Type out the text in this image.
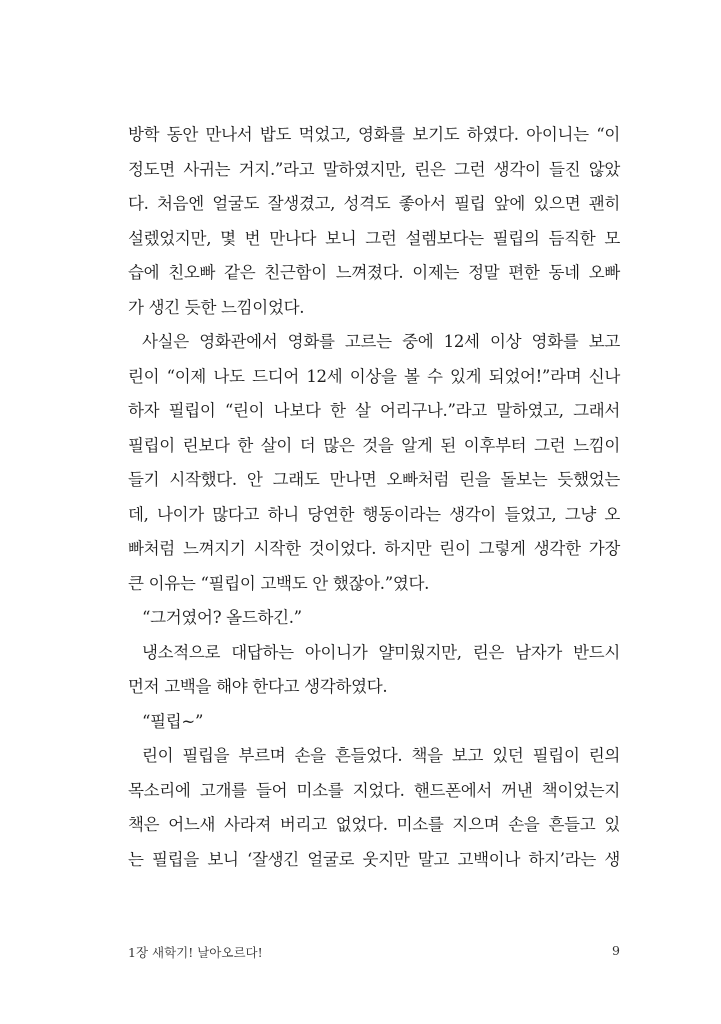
방학 동안 만나서 밥도 먹었고, 영화를 보기도 하였다. 아이니는 “이
정도면 사귀는 거지.”라고 말하였지만, 린은 그런 생각이 들진 않았
다. 처음엔 얼굴도 잘생겼고, 성격도 좋아서 필립 앞에 있으면 괜히
설렜었지만, 몇 번 만나다 보니 그런 설렘보다는 필립의 듬직한 모
습에 친오빠 같은 친근함이 느껴졌다. 이제는 정말 편한 동네 오빠
가 생긴 듯한 느낌이었다.
사실은 영화관에서 영화를 고르는 중에 12세 이상 영화를 보고
린이 “이제 나도 드디어 12세 이상을 볼 수 있게 되었어!”라며 신나
하자 필립이 “린이 나보다 한 살 어리구나.”라고 말하였고, 그래서
필립이 린보다 한 살이 더 많은 것을 알게 된 이후부터 그런 느낌이
들기 시작했다. 안 그래도 만나면 오빠처럼 린을 돌보는 듯했었는
데, 나이가 많다고 하니 당연한 행동이라는 생각이 들었고, 그냥 오
빠처럼 느껴지기 시작한 것이었다. 하지만 린이 그렇게 생각한 가장
큰 이유는 “필립이 고백도 안 했잖아.”였다.
“그거였어? 올드하긴.”
냉소적으로 대답하는 아이니가 얄미웠지만, 린은 남자가 반드시
먼저 고백을 해야 한다고 생각하였다.
“필립~”
린이 필립을 부르며 손을 흔들었다. 책을 보고 있던 필립이 린의
목소리에 고개를 들어 미소를 지었다. 핸드폰에서 꺼낸 책이었는지
책은 어느새 사라져 버리고 없었다. 미소를 지으며 손을 흔들고 있
는 필립을 보니 ‘잘생긴 얼굴로 웃지만 말고 고백이나 하지’라는 생
1장 새학기! 날아오르다!	9
